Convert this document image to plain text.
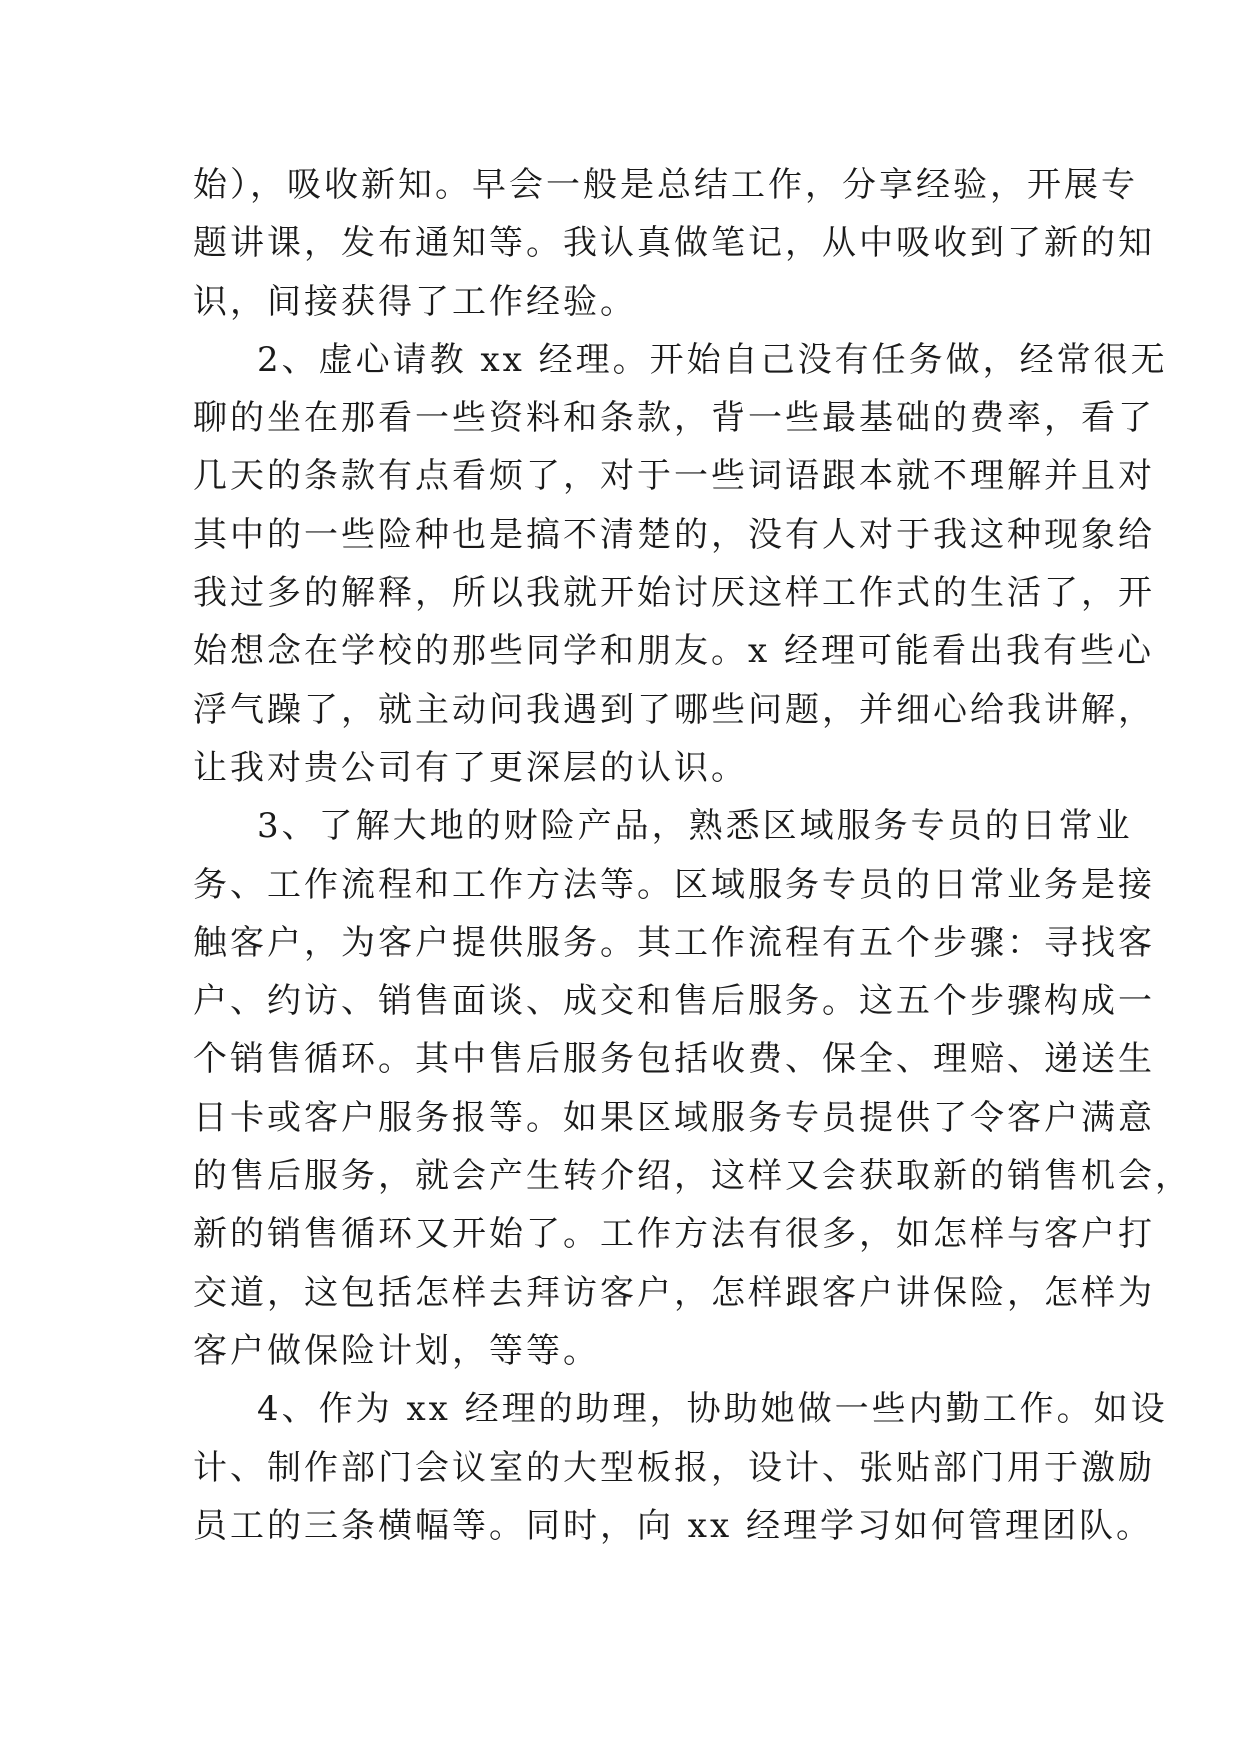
始），吸收新知。早会一般是总结工作，分享经验，开展专
题讲课，发布通知等。我认真做笔记，从中吸收到了新的知
识，间接获得了工作经验。
2、虚心请教 xx 经理。开始自己没有任务做，经常很无
聊的坐在那看一些资料和条款，背一些最基础的费率，看了
几天的条款有点看烦了，对于一些词语跟本就不理解并且对
其中的一些险种也是搞不清楚的，没有人对于我这种现象给
我过多的解释，所以我就开始讨厌这样工作式的生活了，开
始想念在学校的那些同学和朋友。x 经理可能看出我有些心
浮气躁了，就主动问我遇到了哪些问题，并细心给我讲解，
让我对贵公司有了更深层的认识。
3、了解大地的财险产品，熟悉区域服务专员的日常业
务、工作流程和工作方法等。区域服务专员的日常业务是接
触客户，为客户提供服务。其工作流程有五个步骤：寻找客
户、约访、销售面谈、成交和售后服务。这五个步骤构成一
个销售循环。其中售后服务包括收费、保全、理赔、递送生
日卡或客户服务报等。如果区域服务专员提供了令客户满意
的售后服务，就会产生转介绍，这样又会获取新的销售机会，
新的销售循环又开始了。工作方法有很多，如怎样与客户打
交道，这包括怎样去拜访客户，怎样跟客户讲保险，怎样为
客户做保险计划，等等。
4、作为 xx 经理的助理，协助她做一些内勤工作。如设
计、制作部门会议室的大型板报，设计、张贴部门用于激励
员工的三条横幅等。同时，向 xx 经理学习如何管理团队。
